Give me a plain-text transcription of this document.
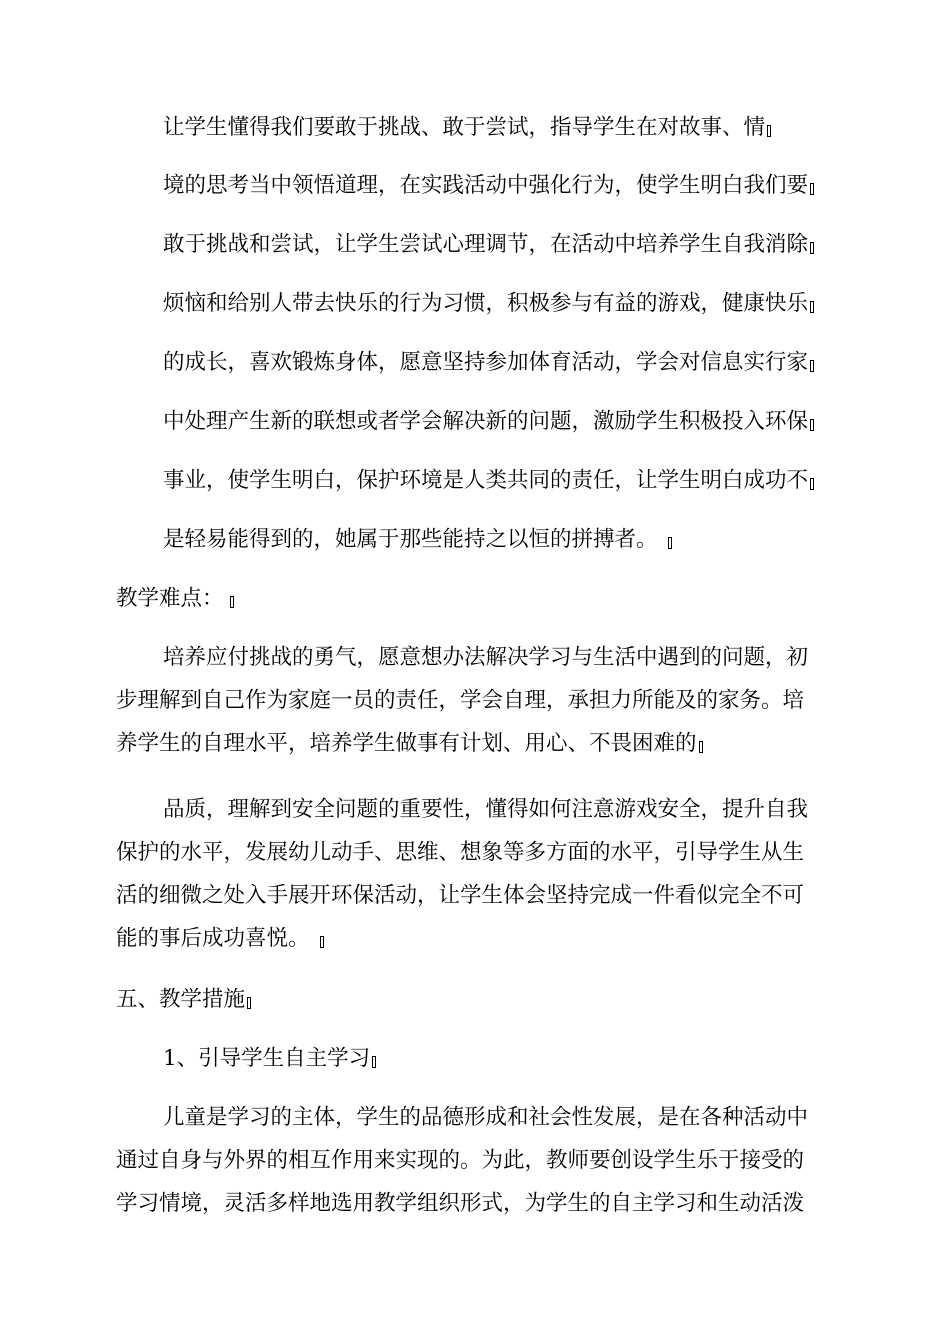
让学生懂得我们要敢于挑战、敢于尝试，指导学生在对故事、情
境的思考当中领悟道理，在实践活动中强化行为，使学生明白我们要
敢于挑战和尝试，让学生尝试心理调节，在活动中培养学生自我消除
烦恼和给别人带去快乐的行为习惯，积极参与有益的游戏，健康快乐
的成长，喜欢锻炼身体，愿意坚持参加体育活动，学会对信息实行家
中处理产生新的联想或者学会解决新的问题，激励学生积极投入环保
事业，使学生明白，保护环境是人类共同的责任，让学生明白成功不
是轻易能得到的，她属于那些能持之以恒的拼搏者。
教学难点：
培养应付挑战的勇气，愿意想办法解决学习与生活中遇到的问题，初
步理解到自己作为家庭一员的责任，学会自理，承担力所能及的家务。培
养学生的自理水平，培养学生做事有计划、用心、不畏困难的
品质，理解到安全问题的重要性，懂得如何注意游戏安全，提升自我
保护的水平，发展幼儿动手、思维、想象等多方面的水平，引导学生从生
活的细微之处入手展开环保活动，让学生体会坚持完成一件看似完全不可
能的事后成功喜悦。
五、教学措施
1、引导学生自主学习
儿童是学习的主体，学生的品德形成和社会性发展，是在各种活动中
通过自身与外界的相互作用来实现的。为此，教师要创设学生乐于接受的
学习情境，灵活多样地选用教学组织形式，为学生的自主学习和生动活泼
